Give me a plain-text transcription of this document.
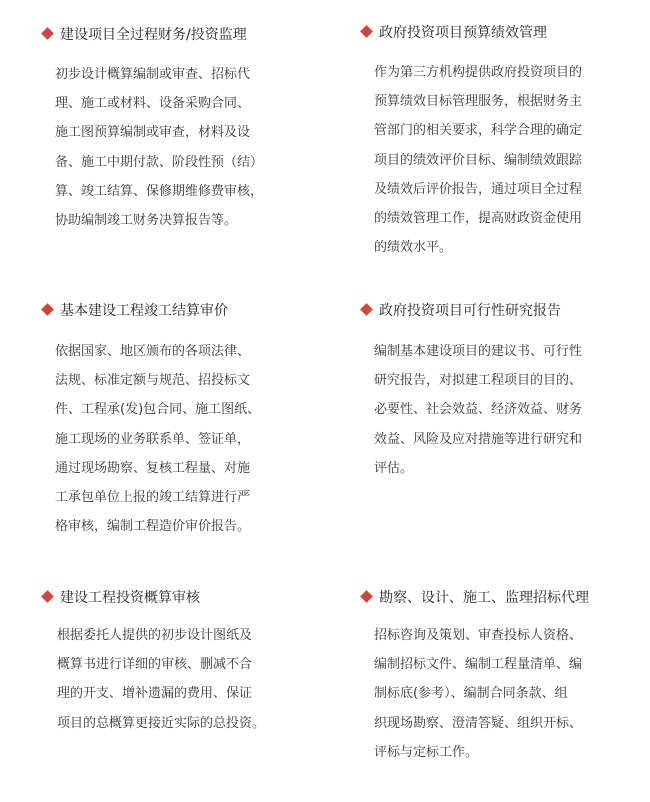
建设项目全过程财务/投资监理
初步设计概算编制或审查、招标代
理、施工或材料、设备采购合同、
施工图预算编制或审查，材料及设
备、施工中期付款、阶段性预（结）
算、竣工结算、保修期维修费审核，
协助编制竣工财务决算报告等。
政府投资项目预算绩效管理
作为第三方机构提供政府投资项目的
预算绩效目标管理服务，根据财务主
管部门的相关要求，科学合理的确定
项目的绩效评价目标、编制绩效跟踪
及绩效后评价报告，通过项目全过程
的绩效管理工作，提高财政资金使用
的绩效水平。
基本建设工程竣工结算审价
依据国家、地区颁布的各项法律、
法规、标准定额与规范、招投标文
件、工程承(发)包合同、施工图纸、
施工现场的业务联系单、签证单，
通过现场勘察、复核工程量、对施
工承包单位上报的竣工结算进行严
格审核，编制工程造价审价报告。
政府投资项目可行性研究报告
编制基本建设项目的建议书、可行性
研究报告，对拟建工程项目的目的、
必要性、社会效益、经济效益、财务
效益、风险及应对措施等进行研究和
评估。
建设工程投资概算审核
根据委托人提供的初步设计图纸及
概算书进行详细的审核、删减不合
理的开支、增补遗漏的费用、保证
项目的总概算更接近实际的总投资。
勘察、设计、施工、监理招标代理
招标咨询及策划、审查投标人资格、
编制招标文件、编制工程量清单、编
制标底(参考）、编制合同条款、组
织现场勘察、澄清答疑、组织开标、
评标与定标工作。
